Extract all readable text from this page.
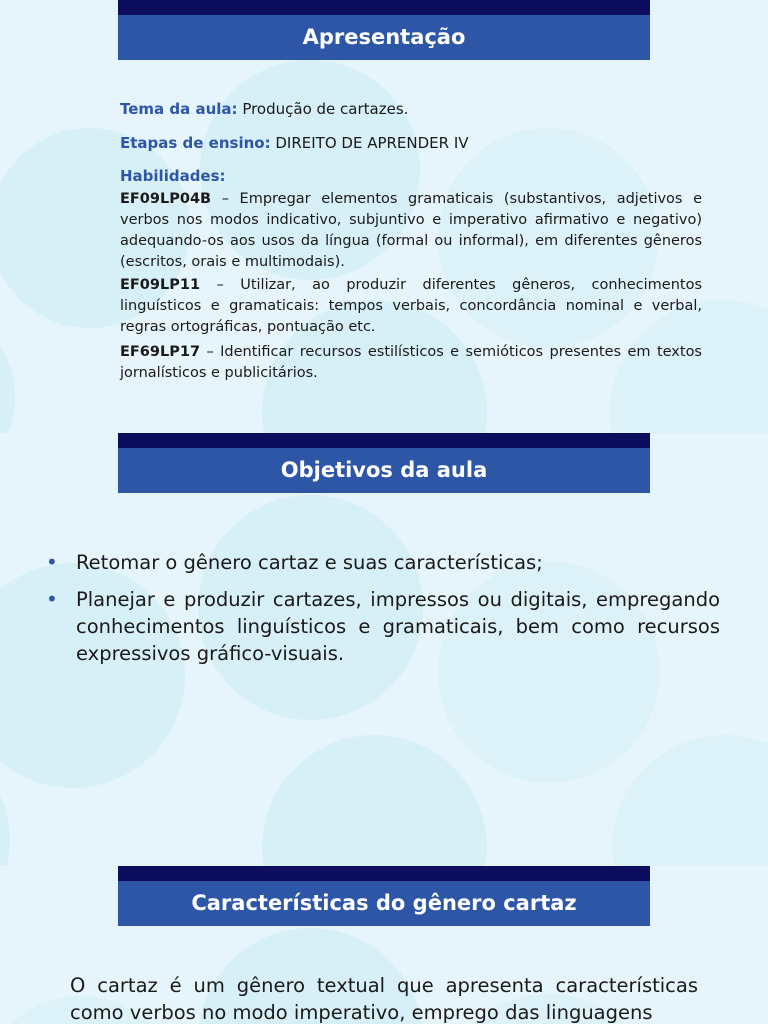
Apresentação
Tema da aula: Produção de cartazes.
Etapas de ensino: DIREITO DE APRENDER IV
Habilidades:
EF09LP04B – Empregar elementos gramaticais (substantivos, adjetivos e verbos nos modos indicativo, subjuntivo e imperativo afirmativo e negativo) adequando-os aos usos da língua (formal ou informal), em diferentes gêneros (escritos, orais e multimodais).
EF09LP11 – Utilizar, ao produzir diferentes gêneros, conhecimentos linguísticos e gramaticais: tempos verbais, concordância nominal e verbal, regras ortográficas, pontuação etc.
EF69LP17 – Identificar recursos estilísticos e semióticos presentes em textos jornalísticos e publicitários.
Objetivos da aula
• Retomar o gênero cartaz e suas características;
• Planejar e produzir cartazes, impressos ou digitais, empregando conhecimentos linguísticos e gramaticais, bem como recursos expressivos gráfico-visuais.
Características do gênero cartaz
O cartaz é um gênero textual que apresenta características como verbos no modo imperativo, emprego das linguagens
